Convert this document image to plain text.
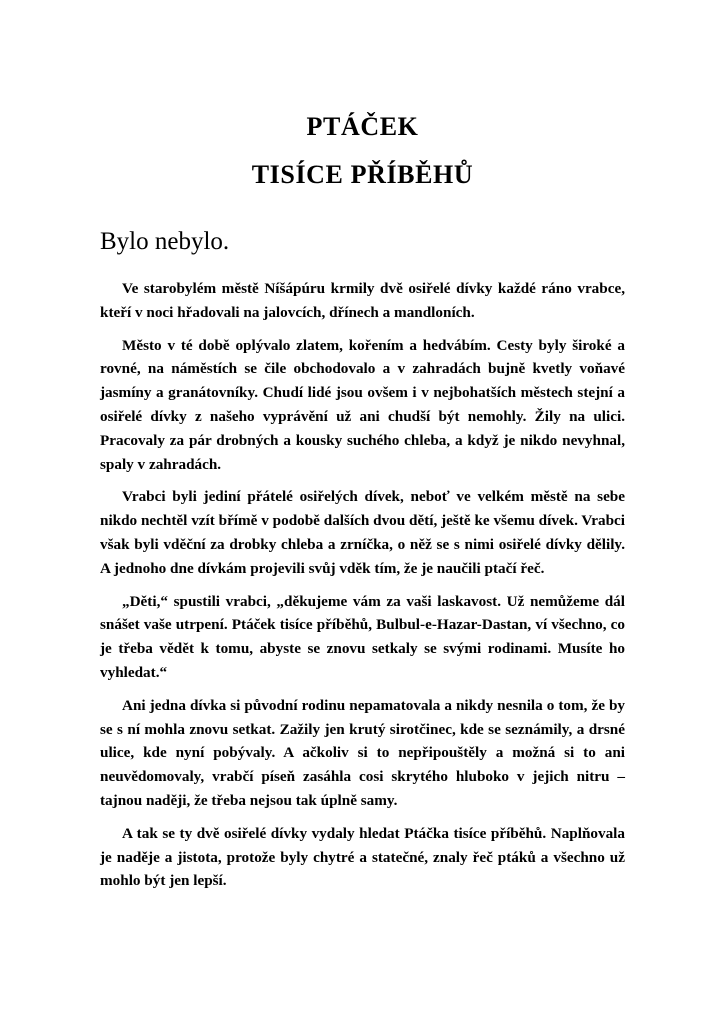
PTÁČEK
TISÍCE PŘÍBĚHŮ
Bylo nebylo.

Ve starobylém městě Níšápúru krmily dvě osiřelé dívky každé ráno vrabce, kteří v noci hřadovali na jalovcích, dřínech a mandloních.

Město v té době oplývalo zlatem, kořením a hedvábím. Cesty byly široké a rovné, na náměstích se čile obchodovalo a v zahradách bujně kvetly voňavé jasmíny a granátovníky. Chudí lidé jsou ovšem i v nejbohatších městech stejní a osiřelé dívky z našeho vyprávění už ani chudší být nemohly. Žily na ulici. Pracovaly za pár drobných a kousky suchého chleba, a když je nikdo nevyhnal, spaly v zahradách.

Vrabci byli jediní přátelé osiřelých dívek, neboť ve velkém městě na sebe nikdo nechtěl vzít břímě v podobě dalších dvou dětí, ještě ke všemu dívek. Vrabci však byli vděční za drobky chleba a zrníčka, o něž se s nimi osiřelé dívky dělily. A jednoho dne dívkám projevili svůj vděk tím, že je naučili ptačí řeč.

„Děti,“ spustili vrabci, „děkujeme vám za vaši laskavost. Už nemůžeme dál snášet vaše utrpení. Ptáček tisíce příběhů, Bulbul-e-Hazar-Dastan, ví všechno, co je třeba vědět k tomu, abyste se znovu setkaly se svými rodinami. Musíte ho vyhledat.“

Ani jedna dívka si původní rodinu nepamatovala a nikdy nesnila o tom, že by se s ní mohla znovu setkat. Zažily jen krutý sirotčinec, kde se seznámily, a drsné ulice, kde nyní pobývaly. A ačkoliv si to nepřipouštěly a možná si to ani neuvědomovaly, vrabčí píseň zasáhla cosi skrytého hluboko v jejich nitru – tajnou naději, že třeba nejsou tak úplně samy.

A tak se ty dvě osiřelé dívky vydaly hledat Ptáčka tisíce příběhů. Naplňovala je naděje a jistota, protože byly chytré a statečné, znaly řeč ptáků a všechno už mohlo být jen lepší.
